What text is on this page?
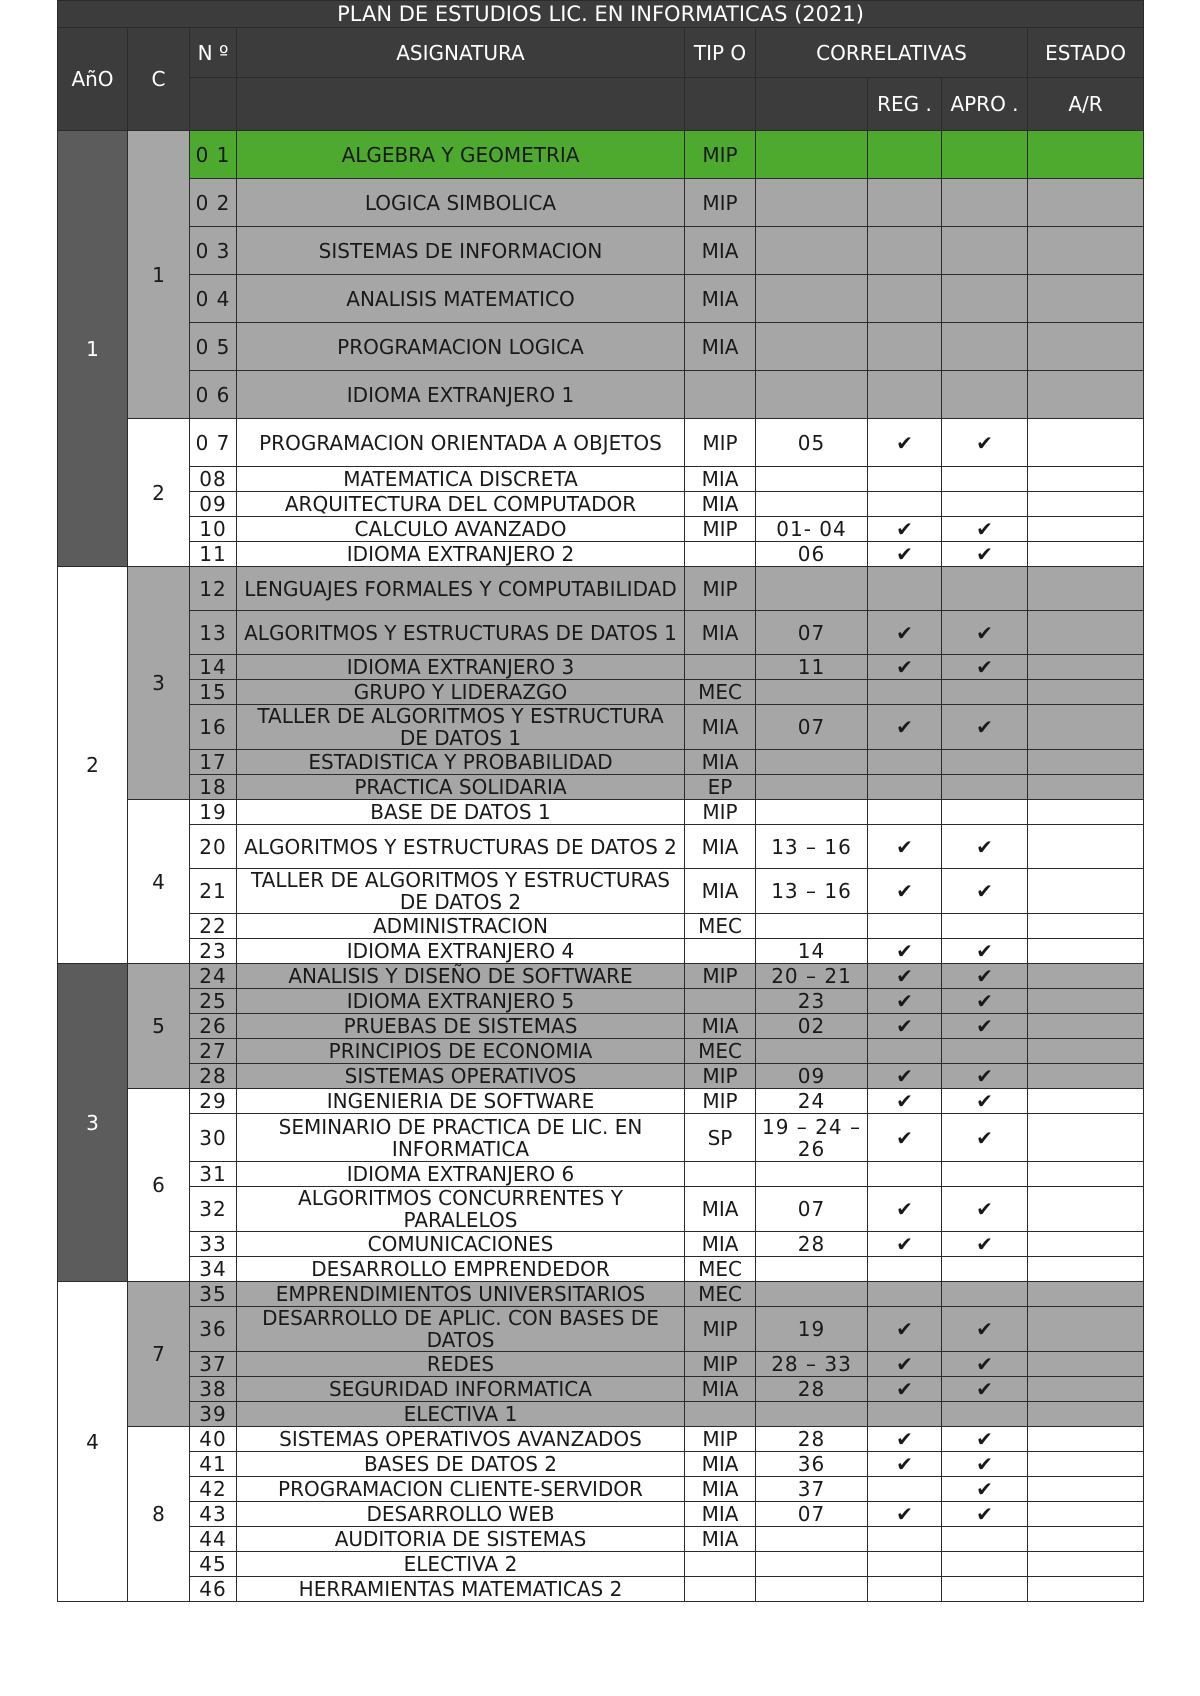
PLAN DE ESTUDIOS LIC. EN INFORMATICAS (2021)								
AñO	C	N º	ASIGNATURA	TIP O	CORRELATIVAS			ESTADO
						REG .	APRO .	A/R
1	1	0 1	ALGEBRA Y GEOMETRIA	MIP				
		0 2	LOGICA SIMBOLICA	MIP				
		0 3	SISTEMAS DE INFORMACION	MIA				
		0 4	ANALISIS MATEMATICO	MIA				
		0 5	PROGRAMACION LOGICA	MIA				
		0 6	IDIOMA EXTRANJERO 1					
	2	0 7	PROGRAMACION ORIENTADA A OBJETOS	MIP	05	✔	✔	
		08	MATEMATICA DISCRETA	MIA				
		09	ARQUITECTURA DEL COMPUTADOR	MIA				
		10	CALCULO AVANZADO	MIP	01- 04	✔	✔	
		11	IDIOMA EXTRANJERO 2		06	✔	✔	
2	3	12	LENGUAJES FORMALES Y COMPUTABILIDAD	MIP				
		13	ALGORITMOS Y ESTRUCTURAS DE DATOS 1	MIA	07	✔	✔	
		14	IDIOMA EXTRANJERO 3		11	✔	✔	
		15	GRUPO Y LIDERAZGO	MEC				
		16	TALLER DE ALGORITMOS Y ESTRUCTURA DE DATOS 1	MIA	07	✔	✔	
		17	ESTADISTICA Y PROBABILIDAD	MIA				
		18	PRACTICA SOLIDARIA	EP				
	4	19	BASE DE DATOS 1	MIP				
		20	ALGORITMOS Y ESTRUCTURAS DE DATOS 2	MIA	13 – 16	✔	✔	
		21	TALLER DE ALGORITMOS Y ESTRUCTURAS DE DATOS 2	MIA	13 – 16	✔	✔	
		22	ADMINISTRACION	MEC				
		23	IDIOMA EXTRANJERO 4		14	✔	✔	
3	5	24	ANALISIS Y DISEÑO DE SOFTWARE	MIP	20 – 21	✔	✔	
		25	IDIOMA EXTRANJERO 5		23	✔	✔	
		26	PRUEBAS DE SISTEMAS	MIA	02	✔	✔	
		27	PRINCIPIOS DE ECONOMIA	MEC				
		28	SISTEMAS OPERATIVOS	MIP	09	✔	✔	
	6	29	INGENIERIA DE SOFTWARE	MIP	24	✔	✔	
		30	SEMINARIO DE PRACTICA DE LIC. EN INFORMATICA	SP	19 – 24 – 26	✔	✔	
		31	IDIOMA EXTRANJERO 6					
		32	ALGORITMOS CONCURRENTES Y PARALELOS	MIA	07	✔	✔	
		33	COMUNICACIONES	MIA	28	✔	✔	
		34	DESARROLLO EMPRENDEDOR	MEC				
4	7	35	EMPRENDIMIENTOS UNIVERSITARIOS	MEC				
		36	DESARROLLO DE APLIC. CON BASES DE DATOS	MIP	19	✔	✔	
		37	REDES	MIP	28 – 33	✔	✔	
		38	SEGURIDAD INFORMATICA	MIA	28	✔	✔	
		39	ELECTIVA 1					
	8	40	SISTEMAS OPERATIVOS AVANZADOS	MIP	28	✔	✔	
		41	BASES DE DATOS 2	MIA	36	✔	✔	
		42	PROGRAMACION CLIENTE-SERVIDOR	MIA	37		✔	
		43	DESARROLLO WEB	MIA	07	✔	✔	
		44	AUDITORIA DE SISTEMAS	MIA				
		45	ELECTIVA 2					
		46	HERRAMIENTAS MATEMATICAS 2					
